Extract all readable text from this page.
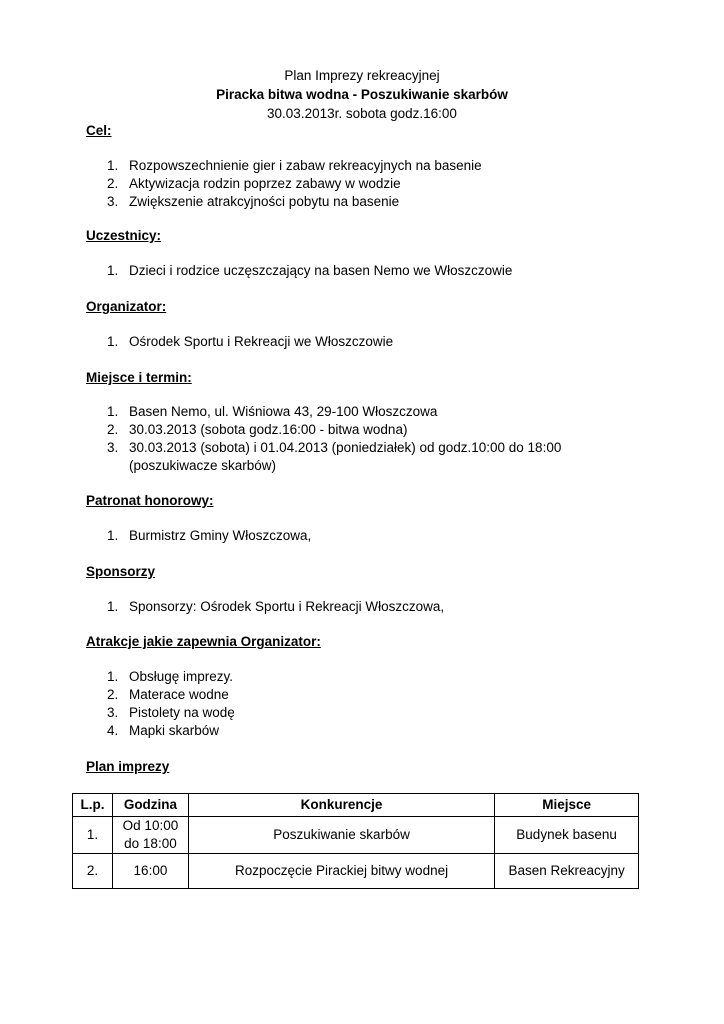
Plan Imprezy rekreacyjnej
Piracka bitwa wodna - Poszukiwanie skarbów
30.03.2013r. sobota godz.16:00
Cel:
1. Rozpowszechnienie gier i zabaw rekreacyjnych na basenie
2. Aktywizacja rodzin poprzez zabawy w wodzie
3. Zwiększenie atrakcyjności pobytu na basenie
Uczestnicy:
1. Dzieci i rodzice uczęszczający na basen Nemo we Włoszczowie
Organizator:
1. Ośrodek Sportu i Rekreacji we Włoszczowie
Miejsce i termin:
1. Basen Nemo, ul. Wiśniowa 43, 29-100 Włoszczowa
2. 30.03.2013 (sobota godz.16:00 - bitwa wodna)
3. 30.03.2013 (sobota) i 01.04.2013 (poniedziałek) od godz.10:00 do 18:00
(poszukiwacze skarbów)
Patronat honorowy:
1. Burmistrz Gminy Włoszczowa,
Sponsorzy
1. Sponsorzy: Ośrodek Sportu i Rekreacji Włoszczowa,
Atrakcje jakie zapewnia Organizator:
1. Obsługę imprezy.
2. Materace wodne
3. Pistolety na wodę
4. Mapki skarbów
Plan imprezy
L.p.	Godzina	Konkurencje	Miejsce
1.	Od 10:00
do 18:00	Poszukiwanie skarbów	Budynek basenu
2.	16:00	Rozpoczęcie Pirackiej bitwy wodnej	Basen Rekreacyjny
